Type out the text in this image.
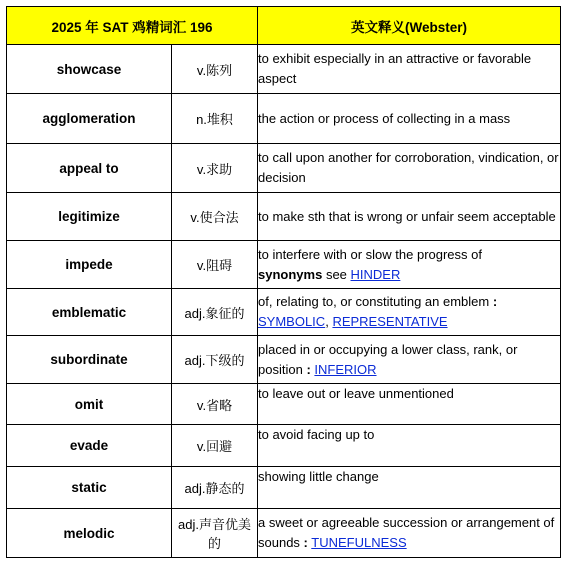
2025 年 SAT 鸡精词汇 196		英文释义(Webster)
showcase	v.陈列	to exhibit especially in an attractive or favorable aspect
agglomeration	n.堆积	the action or process of collecting in a mass
appeal to	v.求助	to call upon another for corroboration, vindication, or decision
legitimize	v.使合法	to make sth that is wrong or unfair seem acceptable
impede	v.阻碍	to interfere with or slow the progress of
synonyms see HINDER
emblematic	adj.象征的	of, relating to, or constituting an emblem :
SYMBOLIC, REPRESENTATIVE
subordinate	adj.下级的	placed in or occupying a lower class, rank, or position : INFERIOR
omit	v.省略	to leave out or leave unmentioned
evade	v.回避	to avoid facing up to
static	adj.静态的	showing little change
melodic	adj.声音优美的	a sweet or agreeable succession or arrangement of sounds : TUNEFULNESS
